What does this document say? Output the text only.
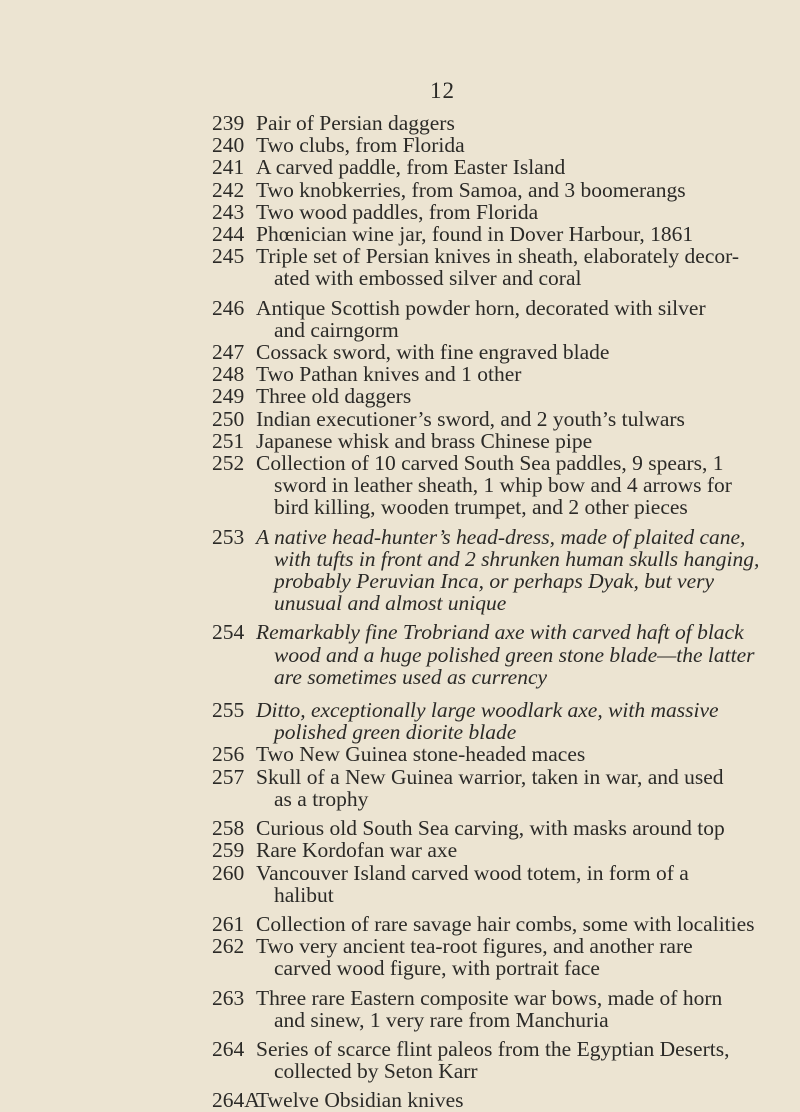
12
239 Pair of Persian daggers
240 Two clubs, from Florida
241 A carved paddle, from Easter Island
242 Two knobkerries, from Samoa, and 3 boomerangs
243 Two wood paddles, from Florida
244 Phœnician wine jar, found in Dover Harbour, 1861
245 Triple set of Persian knives in sheath, elaborately decor-
ated with embossed silver and coral
246 Antique Scottish powder horn, decorated with silver
and cairngorm
247 Cossack sword, with fine engraved blade
248 Two Pathan knives and 1 other
249 Three old daggers
250 Indian executioner’s sword, and 2 youth’s tulwars
251 Japanese whisk and brass Chinese pipe
252 Collection of 10 carved South Sea paddles, 9 spears, 1
sword in leather sheath, 1 whip bow and 4 arrows for
bird killing, wooden trumpet, and 2 other pieces
253 A native head-hunter’s head-dress, made of plaited cane,
with tufts in front and 2 shrunken human skulls hanging,
probably Peruvian Inca, or perhaps Dyak, but very
unusual and almost unique
254 Remarkably fine Trobriand axe with carved haft of black
wood and a huge polished green stone blade—the latter
are sometimes used as currency
255 Ditto, exceptionally large woodlark axe, with massive
polished green diorite blade
256 Two New Guinea stone-headed maces
257 Skull of a New Guinea warrior, taken in war, and used
as a trophy
258 Curious old South Sea carving, with masks around top
259 Rare Kordofan war axe
260 Vancouver Island carved wood totem, in form of a
halibut
261 Collection of rare savage hair combs, some with localities
262 Two very ancient tea-root figures, and another rare
carved wood figure, with portrait face
263 Three rare Eastern composite war bows, made of horn
and sinew, 1 very rare from Manchuria
264 Series of scarce flint paleos from the Egyptian Deserts,
collected by Seton Karr
264A
Twelve Obsidian knives
